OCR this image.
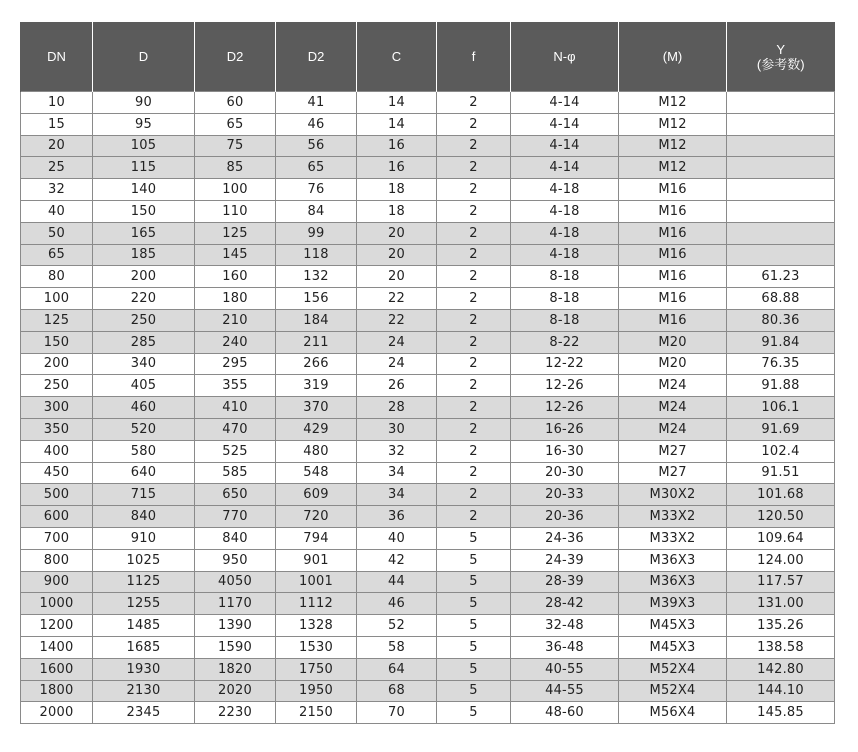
DN	D	D2	D2	C	f	N-φ	(M)	Y
(参考数)
10	90	60	41	14	2	4-14	M12	
15	95	65	46	14	2	4-14	M12	
20	105	75	56	16	2	4-14	M12	
25	115	85	65	16	2	4-14	M12	
32	140	100	76	18	2	4-18	M16	
40	150	110	84	18	2	4-18	M16	
50	165	125	99	20	2	4-18	M16	
65	185	145	118	20	2	4-18	M16	
80	200	160	132	20	2	8-18	M16	61.23
100	220	180	156	22	2	8-18	M16	68.88
125	250	210	184	22	2	8-18	M16	80.36
150	285	240	211	24	2	8-22	M20	91.84
200	340	295	266	24	2	12-22	M20	76.35
250	405	355	319	26	2	12-26	M24	91.88
300	460	410	370	28	2	12-26	M24	106.1
350	520	470	429	30	2	16-26	M24	91.69
400	580	525	480	32	2	16-30	M27	102.4
450	640	585	548	34	2	20-30	M27	91.51
500	715	650	609	34	2	20-33	M30X2	101.68
600	840	770	720	36	2	20-36	M33X2	120.50
700	910	840	794	40	5	24-36	M33X2	109.64
800	1025	950	901	42	5	24-39	M36X3	124.00
900	1125	4050	1001	44	5	28-39	M36X3	117.57
1000	1255	1170	1112	46	5	28-42	M39X3	131.00
1200	1485	1390	1328	52	5	32-48	M45X3	135.26
1400	1685	1590	1530	58	5	36-48	M45X3	138.58
1600	1930	1820	1750	64	5	40-55	M52X4	142.80
1800	2130	2020	1950	68	5	44-55	M52X4	144.10
2000	2345	2230	2150	70	5	48-60	M56X4	145.85
